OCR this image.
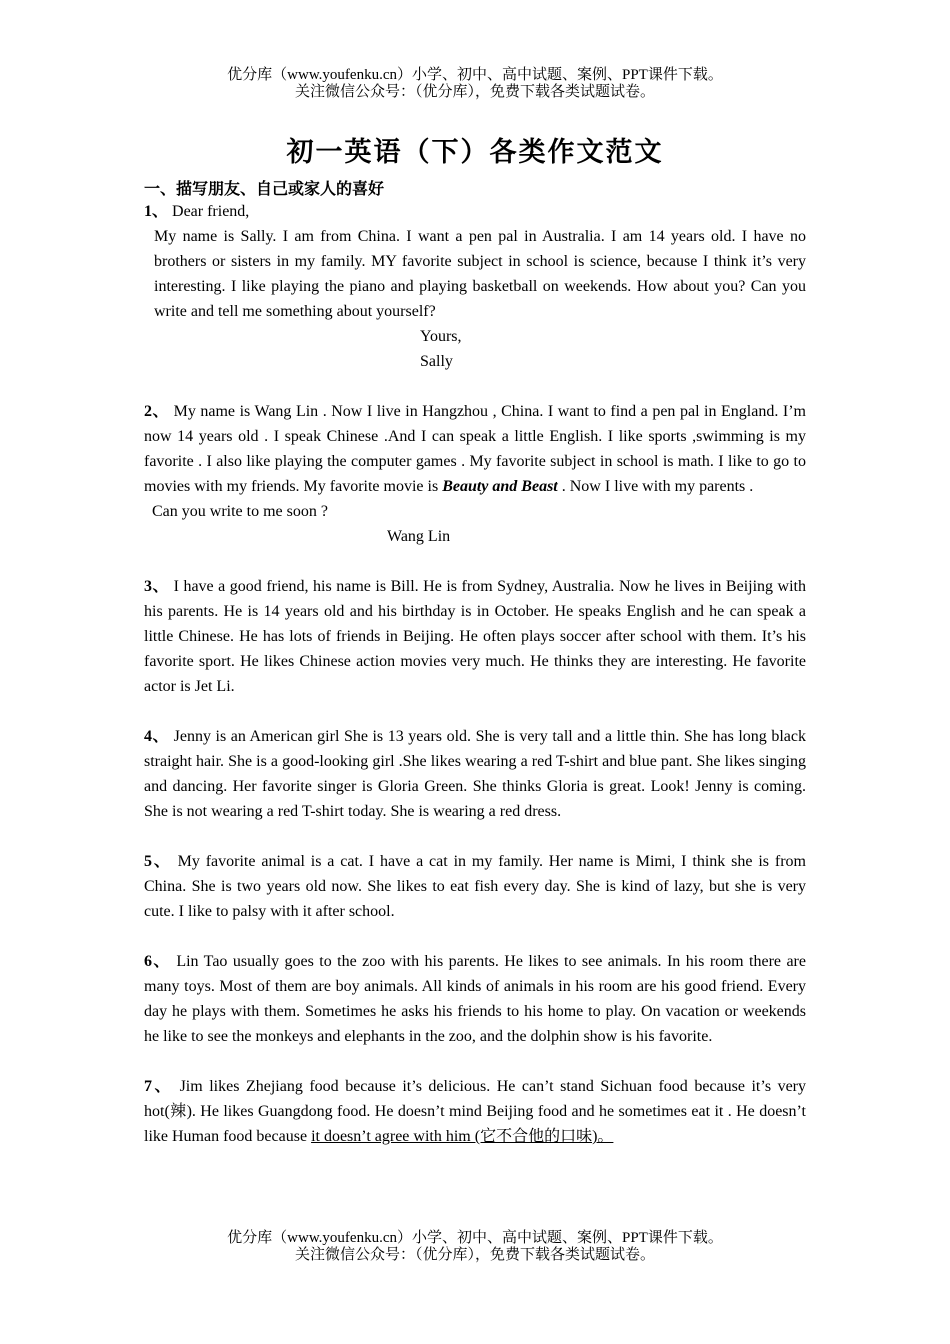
优分库（www.youfenku.cn）小学、初中、高中试题、案例、PPT课件下载。
关注微信公众号：（优分库），免费下载各类试题试卷。
初一英语（下）各类作文范文
一、描写朋友、自己或家人的喜好

1、 Dear friend,

My name is Sally. I am from China. I want a pen pal in Australia. I am 14 years old. I have no brothers or sisters in my family. MY favorite subject in school is science, because I think it’s very interesting. I like playing the piano and playing basketball on weekends. How about you? Can you write and tell me something about yourself?

Yours,

Sally

2、 My name is Wang Lin . Now I live in Hangzhou , China. I want to find a pen pal in England. I’m now 14 years old . I speak Chinese .And I can speak a little English. I like sports ,swimming is my favorite . I also like playing the computer games . My favorite subject in school is math. I like to go to movies with my friends. My favorite movie is Beauty and Beast . Now I live with my parents .

Can you write to me soon ?

Wang Lin

3、 I have a good friend, his name is Bill. He is from Sydney, Australia. Now he lives in Beijing with his parents. He is 14 years old and his birthday is in October. He speaks English and he can speak a little Chinese. He has lots of friends in Beijing. He often plays soccer after school with them. It’s his favorite sport. He likes Chinese action movies very much. He thinks they are interesting. He favorite actor is Jet Li.

4、 Jenny is an American girl She is 13 years old. She is very tall and a little thin. She has long black straight hair. She is a good-looking girl .She likes wearing a red T-shirt and blue pant. She likes singing and dancing. Her favorite singer is Gloria Green. She thinks Gloria is great. Look! Jenny is coming. She is not wearing a red T-shirt today. She is wearing a red dress.

5、 My favorite animal is a cat. I have a cat in my family. Her name is Mimi, I think she is from China. She is two years old now. She likes to eat fish every day. She is kind of lazy, but she is very cute. I like to palsy with it after school.

6、 Lin Tao usually goes to the zoo with his parents. He likes to see animals. In his room there are many toys. Most of them are boy animals. All kinds of animals in his room are his good friend. Every day he plays with them. Sometimes he asks his friends to his home to play. On vacation or weekends he like to see the monkeys and elephants in the zoo, and the dolphin show is his favorite.

7、 Jim likes Zhejiang food because it’s delicious. He can’t stand Sichuan food because it’s very hot(辣). He likes Guangdong food. He doesn’t mind Beijing food and he sometimes eat it . He doesn’t like Human food because it doesn’t agree with him (它不合他的口味)。

优分库（www.youfenku.cn）小学、初中、高中试题、案例、PPT课件下载。
关注微信公众号：（优分库），免费下载各类试题试卷。
